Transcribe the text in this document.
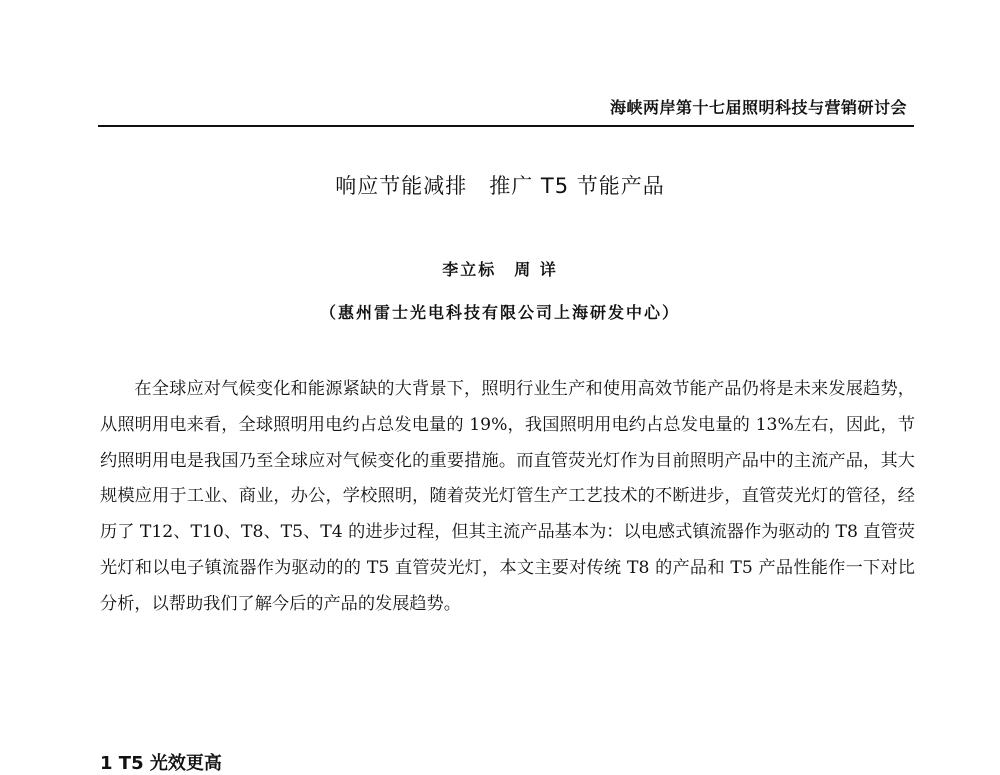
海峡两岸第十七届照明科技与营销研讨会
响应节能减排　推广 T5 节能产品
李立标　周 详
（惠州雷士光电科技有限公司上海研发中心）

在全球应对气候变化和能源紧缺的大背景下，照明行业生产和使用高效节能产品仍将是未来发展趋势，从照明用电来看，全球照明用电约占总发电量的 19%，我国照明用电约占总发电量的 13%左右，因此，节约照明用电是我国乃至全球应对气候变化的重要措施。而直管荧光灯作为目前照明产品中的主流产品，其大规模应用于工业、商业，办公，学校照明，随着荧光灯管生产工艺技术的不断进步，直管荧光灯的管径，经历了 T12、T10、T8、T5、T4 的进步过程，但其主流产品基本为：以电感式镇流器作为驱动的 T8 直管荧光灯和以电子镇流器作为驱动的的 T5 直管荧光灯，本文主要对传统 T8 的产品和 T5 产品性能作一下对比分析，以帮助我们了解今后的产品的发展趋势。

1 T5 光效更高
